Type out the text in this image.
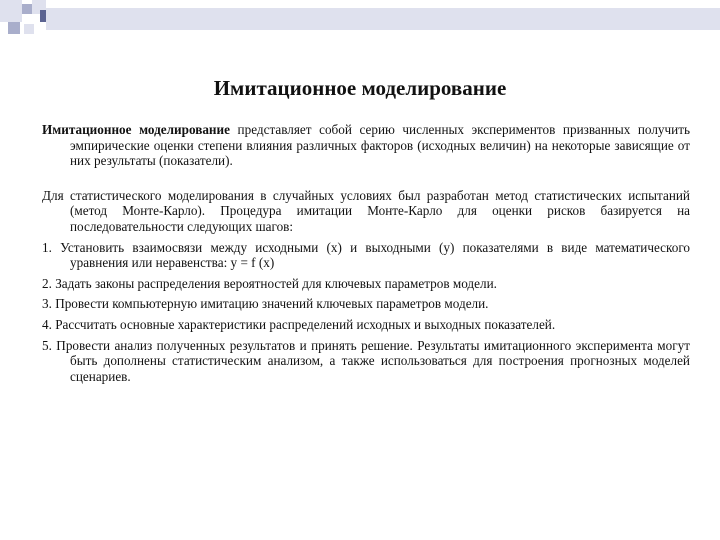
Имитационное моделирование

Имитационное моделирование представляет собой серию численных экспериментов призванных получить эмпирические оценки степени влияния различных факторов (исходных величин) на некоторые зависящие от них результаты (показатели).

Для статистического моделирования в случайных условиях был разработан метод статистических испытаний (метод Монте-Карло). Процедура имитации Монте-Карло для оценки рисков базируется на последовательности следующих шагов:

1. Установить взаимосвязи между исходными (х) и выходными (у) показателями в виде математического уравнения или неравенства: у = f (х)

2. Задать законы распределения вероятностей для ключевых параметров модели.

3. Провести компьютерную имитацию значений ключевых параметров модели.

4. Рассчитать основные характеристики распределений исходных и выходных показателей.

5. Провести анализ полученных результатов и принять решение. Результаты имитационного эксперимента могут быть дополнены статистическим анализом, а также использоваться для построения прогнозных моделей сценариев.
